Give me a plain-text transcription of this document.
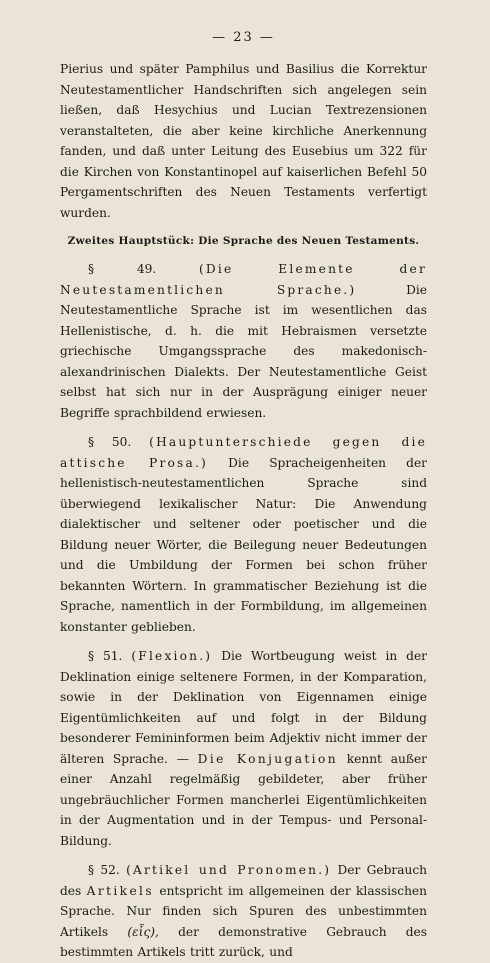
— 23 —

Pierius und später Pamphilus und Basilius die Korrektur Neutestamentlicher Handschriften sich angelegen sein ließen, daß Hesychius und Lucian Textrezensionen veranstalteten, die aber keine kirchliche Anerkennung fanden, und daß unter Leitung des Eusebius um 322 für die Kirchen von Konstantinopel auf kaiserlichen Befehl 50 Pergamentschriften des Neuen Testaments verfertigt wurden.

Zweites Hauptstück: Die Sprache des Neuen Testaments.

§ 49.	(Die Elemente der Neutestamentlichen Sprache.)	Die Neutestamentliche Sprache ist im wesentlichen das Hellenistische, d. h. die mit Hebraismen versetzte griechische Umgangssprache des makedonisch-alexandrinischen Dialekts. Der Neutestamentliche Geist selbst hat sich nur in der Ausprägung einiger neuer Begriffe sprachbildend erwiesen.

§ 50. (Hauptunterschiede gegen die attische Prosa.) Die Spracheigenheiten der hellenistisch-neutestamentlichen Sprache sind überwiegend lexikalischer Natur: Die Anwendung dialektischer und seltener oder poetischer und die Bildung neuer Wörter, die Beilegung neuer Bedeutungen und die Umbildung der Formen bei schon früher bekannten Wörtern. In grammatischer Beziehung ist die Sprache, namentlich in der Formbildung, im allgemeinen konstanter geblieben.

§ 51. (Flexion.) Die Wortbeugung weist in der Deklination einige seltenere Formen, in der Komparation, sowie in der Deklination von Eigennamen einige Eigentümlichkeiten auf und folgt in der Bildung besonderer Femininformen beim Adjektiv nicht immer der älteren Sprache. — Die Konjugation kennt außer einer Anzahl regelmäßig gebildeter, aber früher ungebräuchlicher Formen mancherlei Eigentümlichkeiten in der Augmentation und in der Tempus- und Personal-Bildung.

§ 52. (Artikel und Pronomen.) Der Gebrauch des Artikels entspricht im allgemeinen der klassischen Sprache. Nur finden sich Spuren des unbestimmten Artikels (εἷς), der demonstrative Gebrauch des bestimmten Artikels tritt zurück, und
